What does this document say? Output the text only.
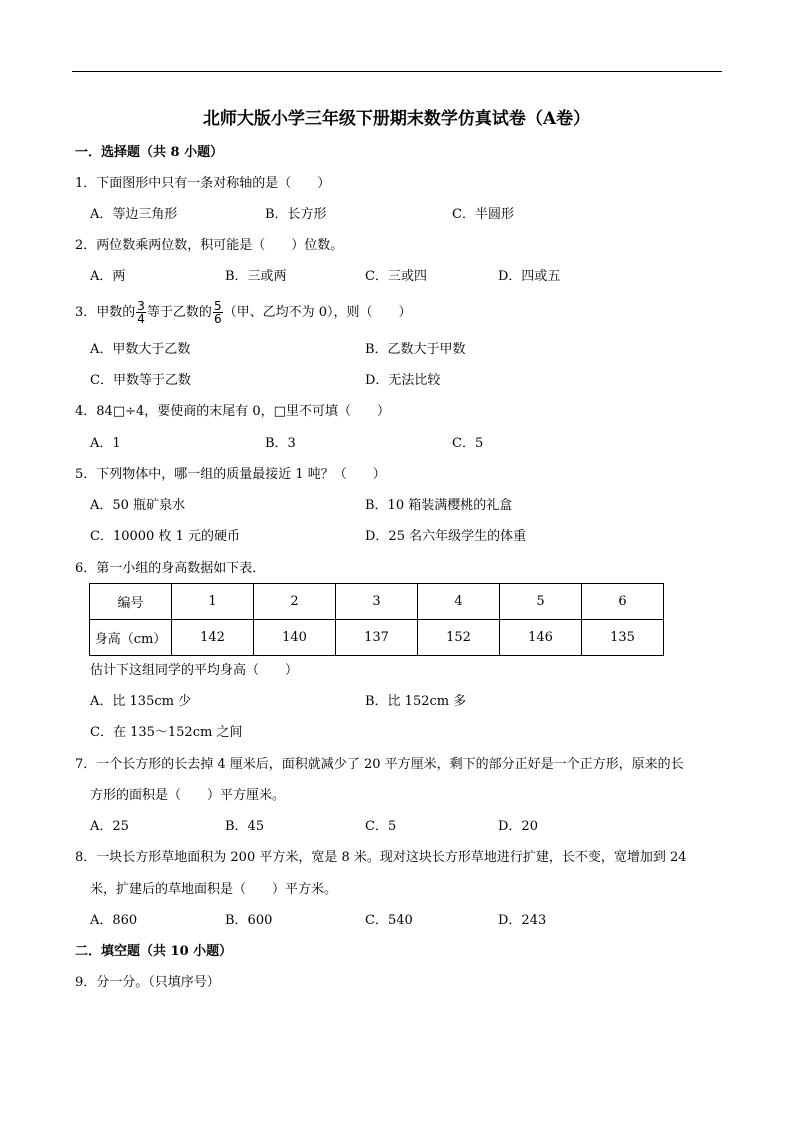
北师大版小学三年级下册期末数学仿真试卷（A卷）
一．选择题（共 8 小题）
1．下面图形中只有一条对称轴的是（　　）
A．等边三角形	B．长方形	C．半圆形
2．两位数乘两位数，积可能是（　　）位数。
A．两	B．三或两	C．三或四	D．四或五
3．甲数的 $\frac{3}{4}$ 等于乙数的 $\frac{5}{6}$ （甲、乙均不为 0），则（　　）
A．甲数大于乙数	B．乙数大于甲数
C．甲数等于乙数	D．无法比较
4．84□÷4，要使商的末尾有 0，□里不可填（　　）
A．1	B．3	C．5
5．下列物体中，哪一组的质量最接近 1 吨？（　　）
A．50 瓶矿泉水	B．10 箱装满樱桃的礼盒
C．10000 枚 1 元的硬币	D．25 名六年级学生的体重
6．第一小组的身高数据如下表．
编号	1	2	3	4	5	6
身高（cm）	142	140	137	152	146	135
估计下这组同学的平均身高（　　）
A．比 135cm 少	B．比 152cm 多
C．在 135～152cm 之间
7．一个长方形的长去掉 4 厘米后，面积就减少了 20 平方厘米，剩下的部分正好是一个正方形，原来的长
方形的面积是（　　）平方厘米。
A．25	B．45	C．5	D．20
8．一块长方形草地面积为 200 平方米，宽是 8 米。现对这块长方形草地进行扩建，长不变，宽增加到 24
米，扩建后的草地面积是（　　）平方米。
A．860	B．600	C．540	D．243
二．填空题（共 10 小题）
9．分一分。（只填序号）
